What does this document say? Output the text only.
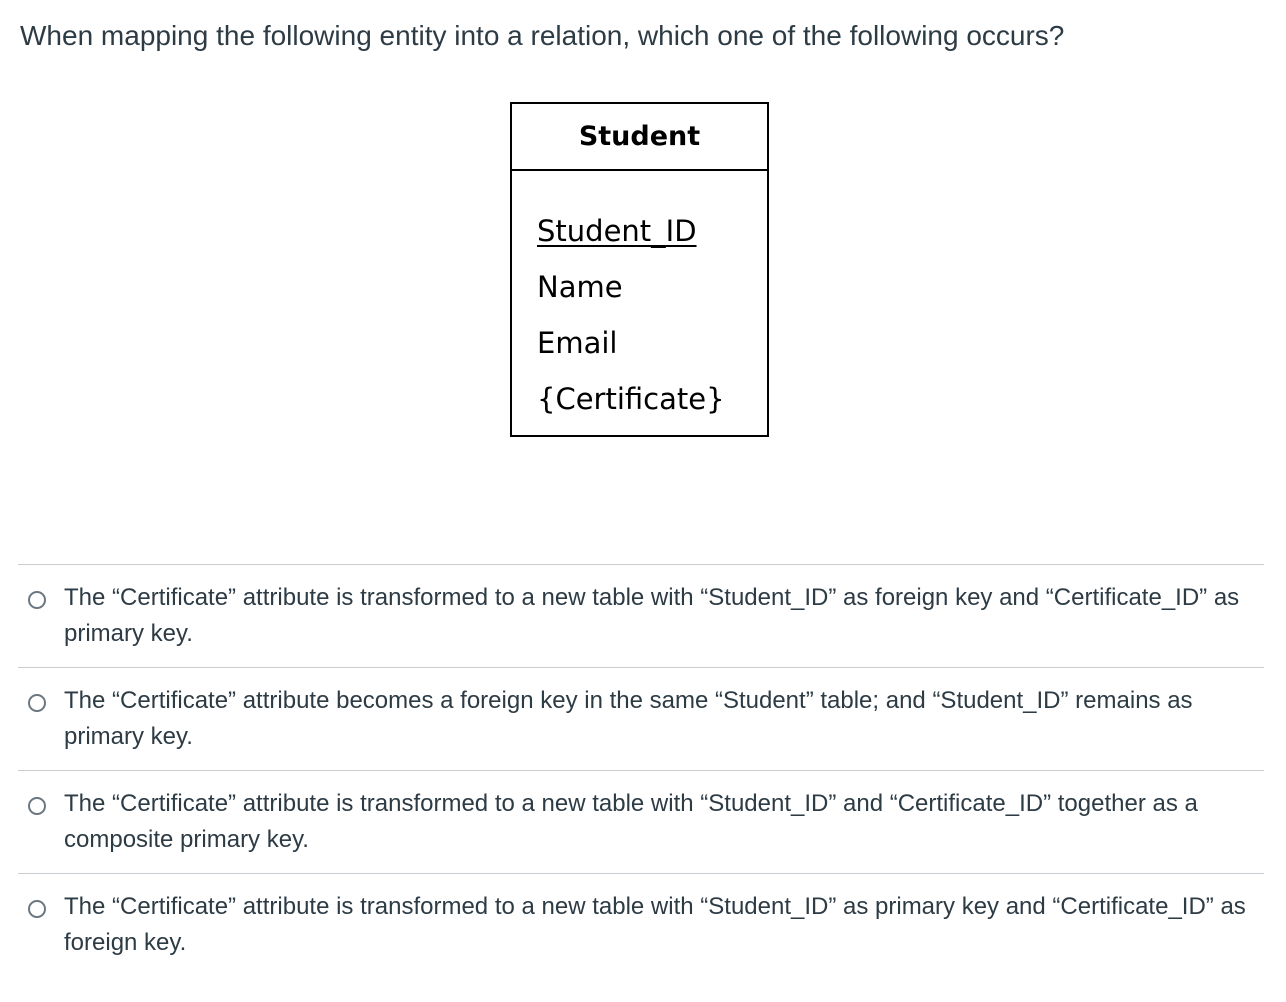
When mapping the following entity into a relation, which one of the following occurs?
Student
Student_ID
Name
Email
{Certificate}
The “Certificate” attribute is transformed to a new table with “Student_ID” as foreign key and “Certificate_ID” as primary key.
The “Certificate” attribute becomes a foreign key in the same “Student” table; and “Student_ID” remains as primary key.
The “Certificate” attribute is transformed to a new table with “Student_ID” and “Certificate_ID” together as a composite primary key.
The “Certificate” attribute is transformed to a new table with “Student_ID” as primary key and “Certificate_ID” as foreign key.
